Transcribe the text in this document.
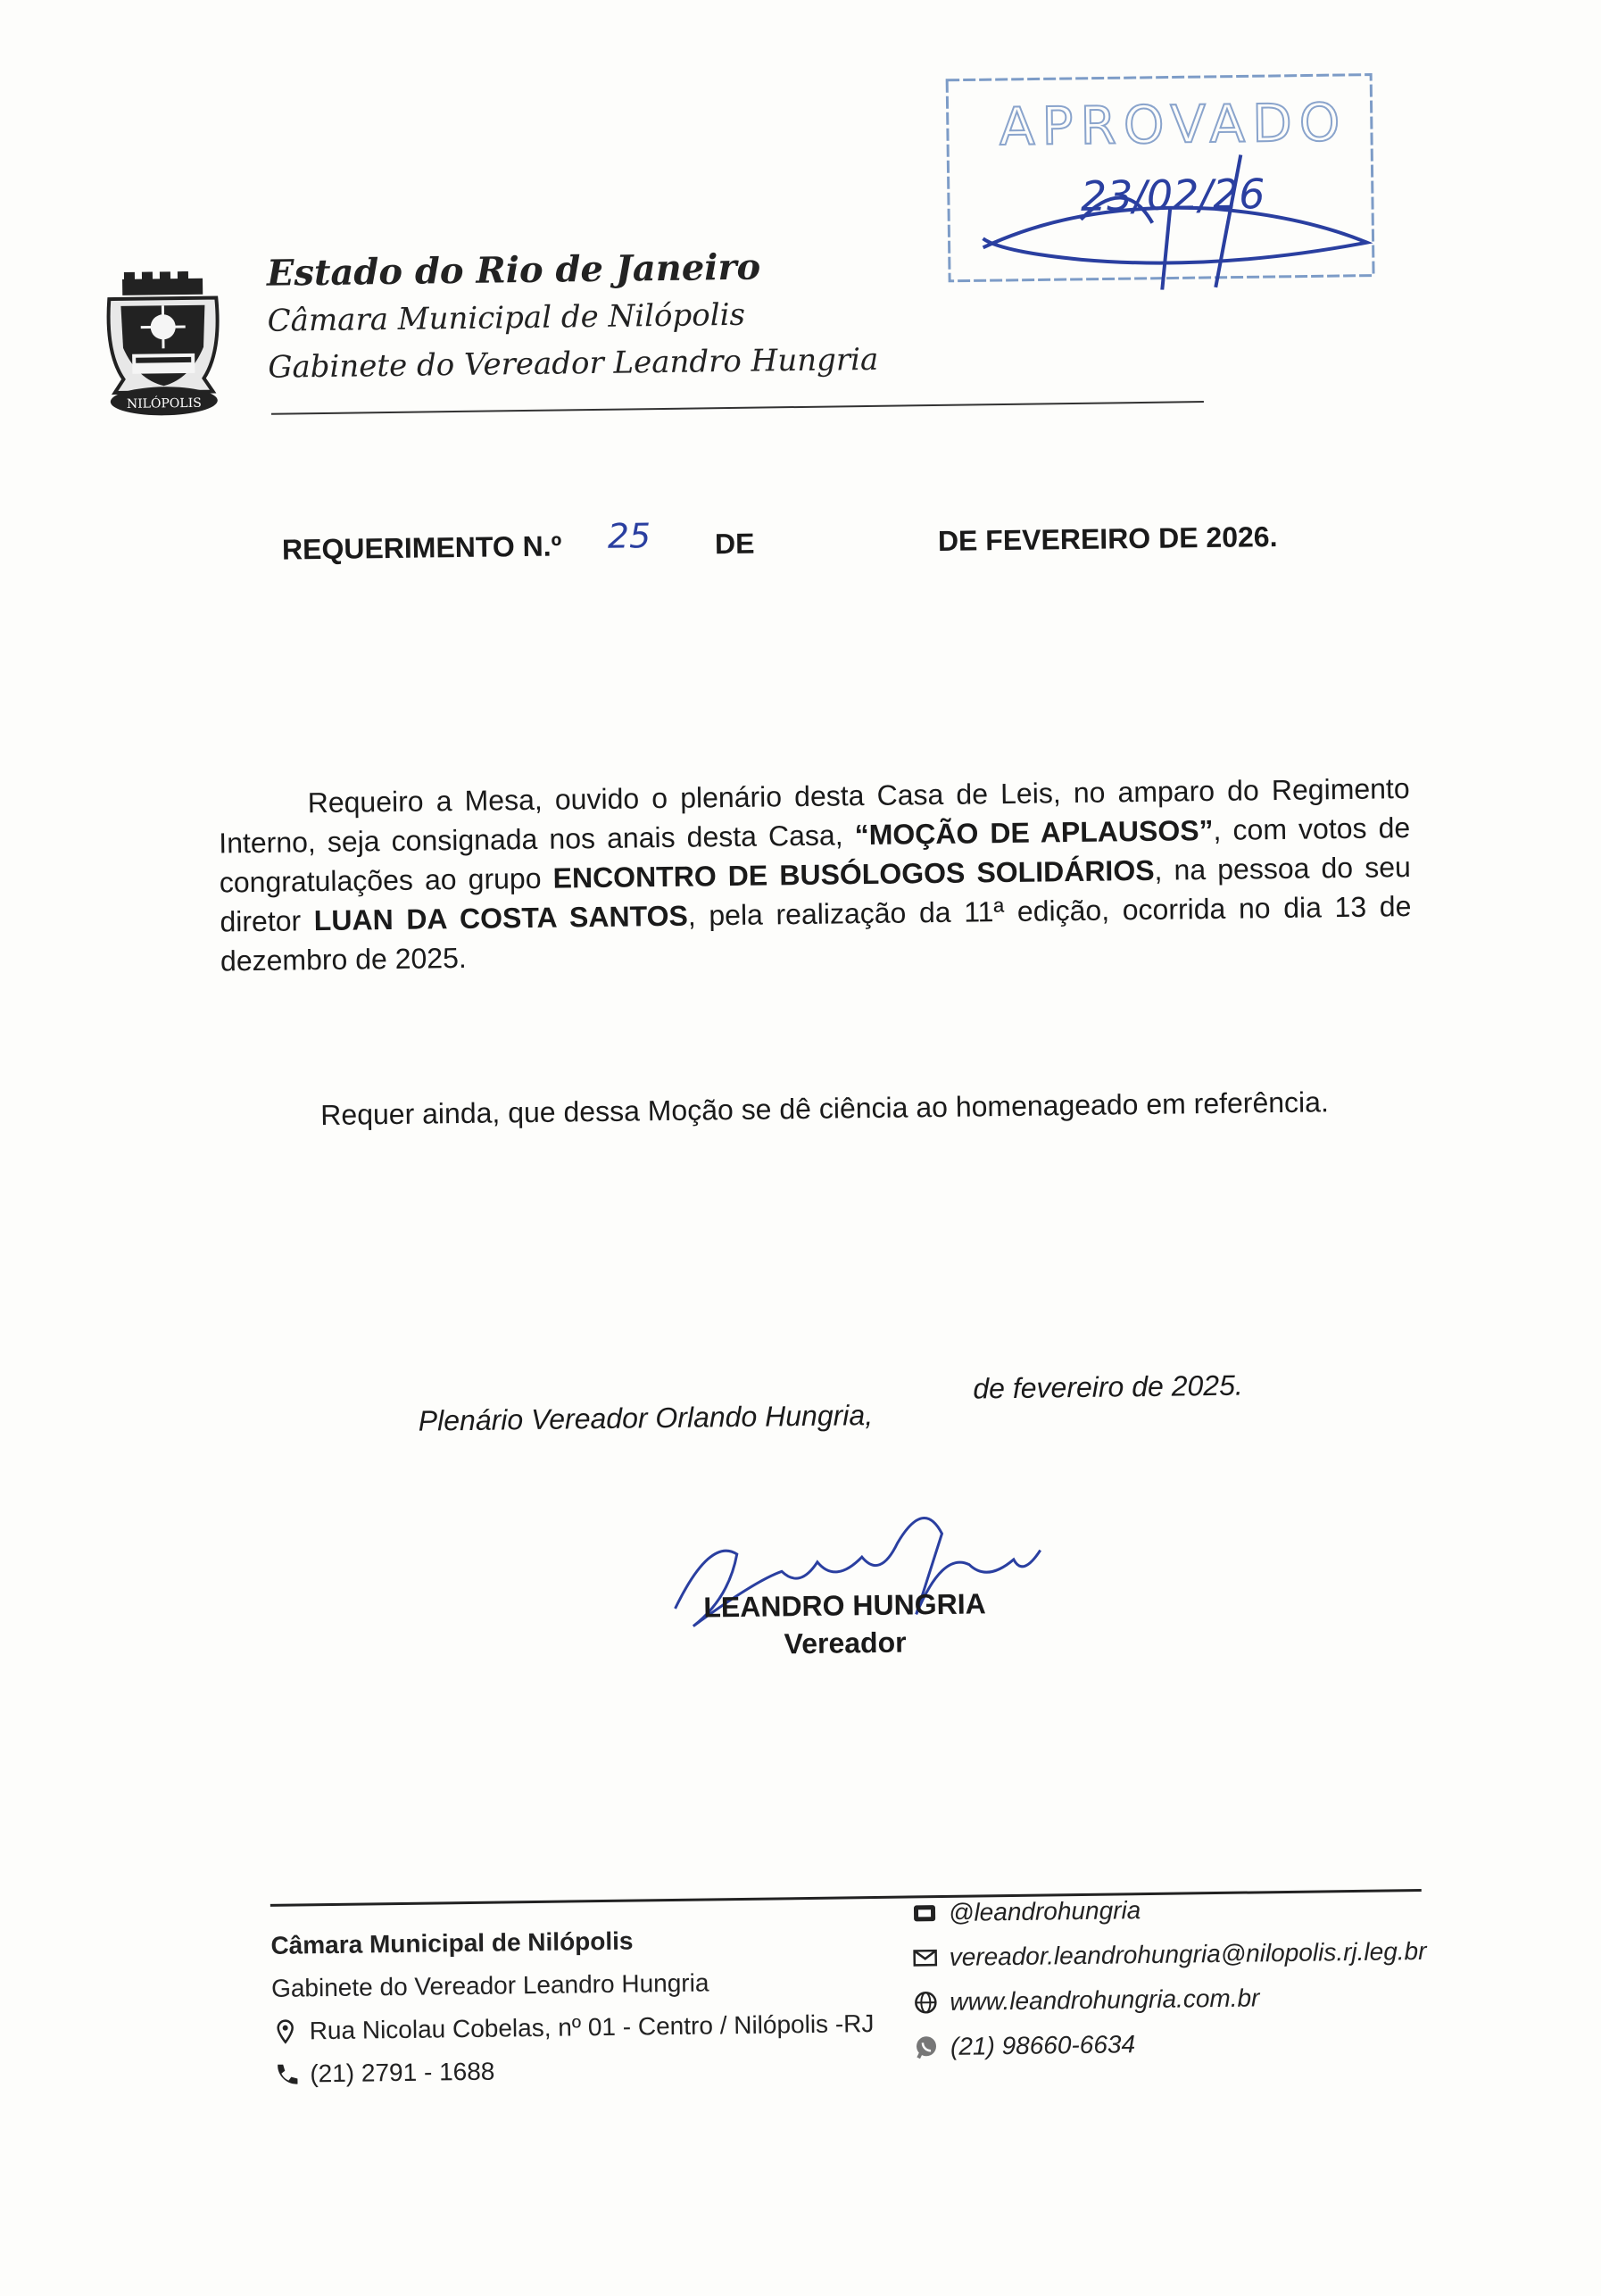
NILÓPOLIS
Estado do Rio de Janeiro
Câmara Municipal de Nilópolis
Gabinete do Vereador Leandro Hungria
APROVADO
23/02/26
REQUERIMENTO N.º 25 DE	DE FEVEREIRO DE 2026.
Requeiro a Mesa, ouvido o plenário desta Casa de Leis, no amparo do Regimento Interno, seja consignada nos anais desta Casa, “MOÇÃO DE APLAUSOS”, com votos de congratulações ao grupo ENCONTRO DE BUSÓLOGOS SOLIDÁRIOS, na pessoa do seu diretor LUAN DA COSTA SANTOS, pela realização da 11ª edição, ocorrida no dia 13 de dezembro de 2025.
Requer ainda, que dessa Moção se dê ciência ao homenageado em referência.
Plenário Vereador Orlando Hungria,
de fevereiro de 2025.
LEANDRO HUNGRIA
Vereador
Câmara Municipal de Nilópolis
Gabinete do Vereador Leandro Hungria
Rua Nicolau Cobelas, nº 01 - Centro / Nilópolis -RJ
(21) 2791 - 1688
@leandrohungria
vereador.leandrohungria@nilopolis.rj.leg.br
www.leandrohungria.com.br
(21) 98660-6634
